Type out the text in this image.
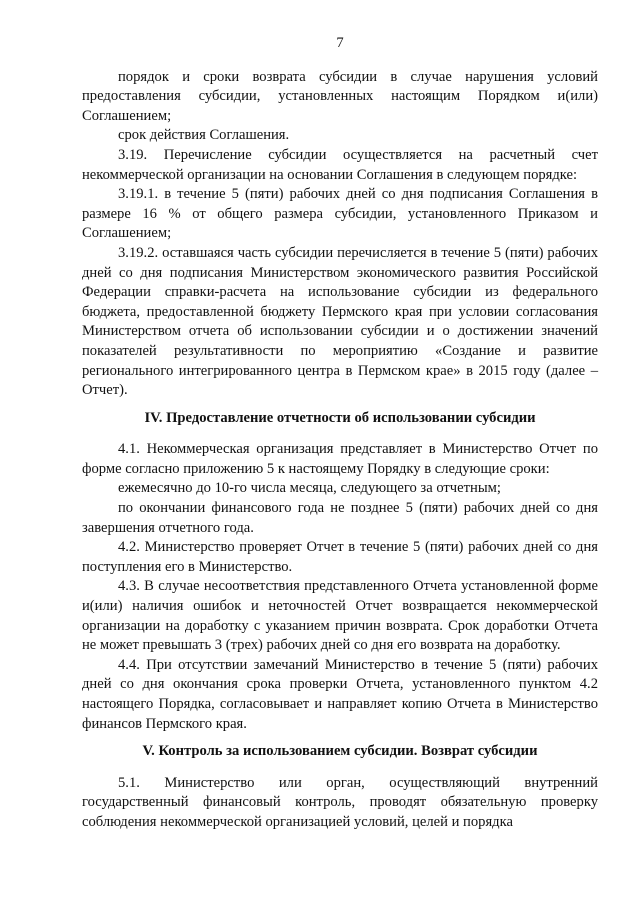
7

порядок и сроки возврата субсидии в случае нарушения условий предоставления субсидии, установленных настоящим Порядком и(или) Соглашением;

срок действия Соглашения.

3.19. Перечисление субсидии осуществляется на расчетный счет некоммерческой организации на основании Соглашения в следующем порядке:

3.19.1. в течение 5 (пяти) рабочих дней со дня подписания Соглашения в размере 16 % от общего размера субсидии, установленного Приказом и Соглашением;

3.19.2. оставшаяся часть субсидии перечисляется в течение 5 (пяти) рабочих дней со дня подписания Министерством экономического развития Российской Федерации справки-расчета на использование субсидии из федерального бюджета, предоставленной бюджету Пермского края при условии согласования Министерством отчета об использовании субсидии и о достижении значений показателей результативности по мероприятию «Создание и развитие регионального интегрированного центра в Пермском крае» в 2015 году (далее – Отчет).

IV. Предоставление отчетности об использовании субсидии

4.1. Некоммерческая организация представляет в Министерство Отчет по форме согласно приложению 5 к настоящему Порядку в следующие сроки:

ежемесячно до 10-го числа месяца, следующего за отчетным;

по окончании финансового года не позднее 5 (пяти) рабочих дней со дня завершения отчетного года.

4.2. Министерство проверяет Отчет в течение 5 (пяти) рабочих дней со дня поступления его в Министерство.

4.3. В случае несоответствия представленного Отчета установленной форме и(или) наличия ошибок и неточностей Отчет возвращается некоммерческой организации на доработку с указанием причин возврата. Срок доработки Отчета не может превышать 3 (трех) рабочих дней со дня его возврата на доработку.

4.4. При отсутствии замечаний Министерство в течение 5 (пяти) рабочих дней со дня окончания срока проверки Отчета, установленного пунктом 4.2 настоящего Порядка, согласовывает и направляет копию Отчета в Министерство финансов Пермского края.

V. Контроль за использованием субсидии. Возврат субсидии

5.1. Министерство или орган, осуществляющий внутренний государственный финансовый контроль, проводят обязательную проверку соблюдения некоммерческой организацией условий, целей и порядка
